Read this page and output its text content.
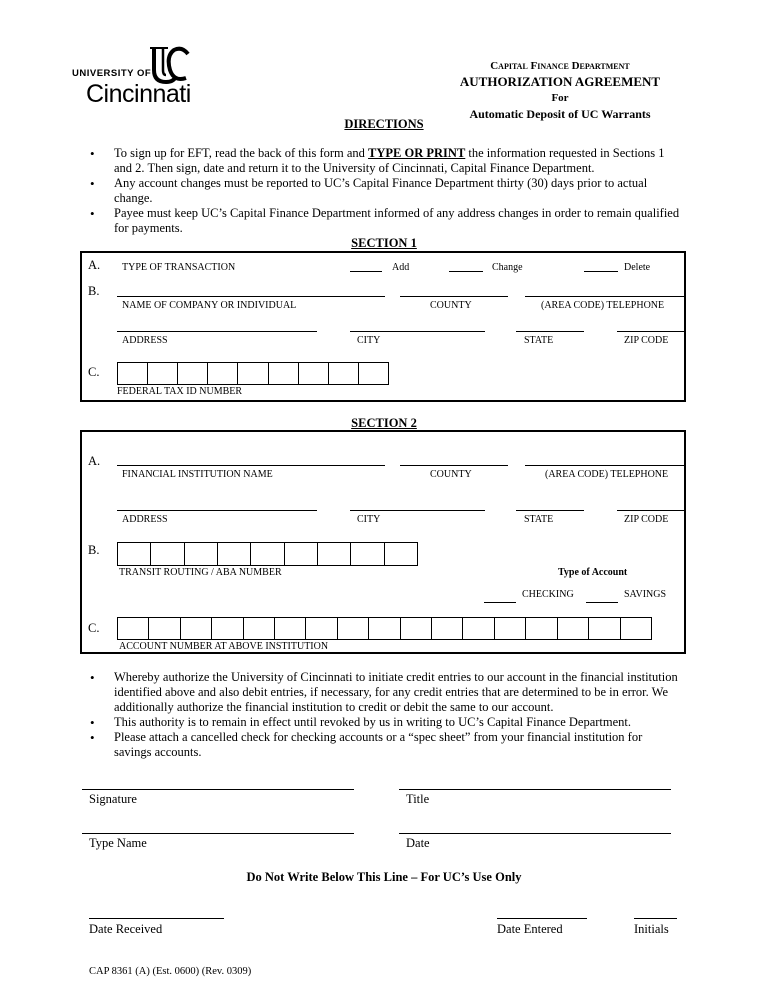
UNIVERSITY OF
Cincinnati
Capital Finance Department
AUTHORIZATION AGREEMENT
For
Automatic Deposit of UC Warrants
DIRECTIONS
• To sign up for EFT, read the back of this form and TYPE OR PRINT the information requested in Sections 1 and 2. Then sign, date and return it to the University of Cincinnati, Capital Finance Department.
• Any account changes must be reported to UC’s Capital Finance Department thirty (30) days prior to actual change.
• Payee must keep UC’s Capital Finance Department informed of any address changes in order to remain qualified for payments.
SECTION 1
A. TYPE OF TRANSACTION	Add	Change	Delete
B.
NAME OF COMPANY OR INDIVIDUAL	COUNTY	(AREA CODE) TELEPHONE
ADDRESS	CITY	STATE	ZIP CODE
C.
FEDERAL TAX ID NUMBER
SECTION 2
A.
FINANCIAL INSTITUTION NAME	COUNTY	(AREA CODE) TELEPHONE
ADDRESS	CITY	STATE	ZIP CODE
B.
TRANSIT ROUTING / ABA NUMBER	Type of Account
CHECKING	SAVINGS
C.
ACCOUNT NUMBER AT ABOVE INSTITUTION
• Whereby authorize the University of Cincinnati to initiate credit entries to our account in the financial institution identified above and also debit entries, if necessary, for any credit entries that are determined to be in error. We additionally authorize the financial institution to credit or debit the same to our account.
• This authority is to remain in effect until revoked by us in writing to UC’s Capital Finance Department.
• Please attach a cancelled check for checking accounts or a “spec sheet” from your financial institution for savings accounts.
Signature	Title
Type Name	Date
Do Not Write Below This Line – For UC’s Use Only
Date Received	Date Entered	Initials
CAP 8361 (A) (Est. 0600) (Rev. 0309)
